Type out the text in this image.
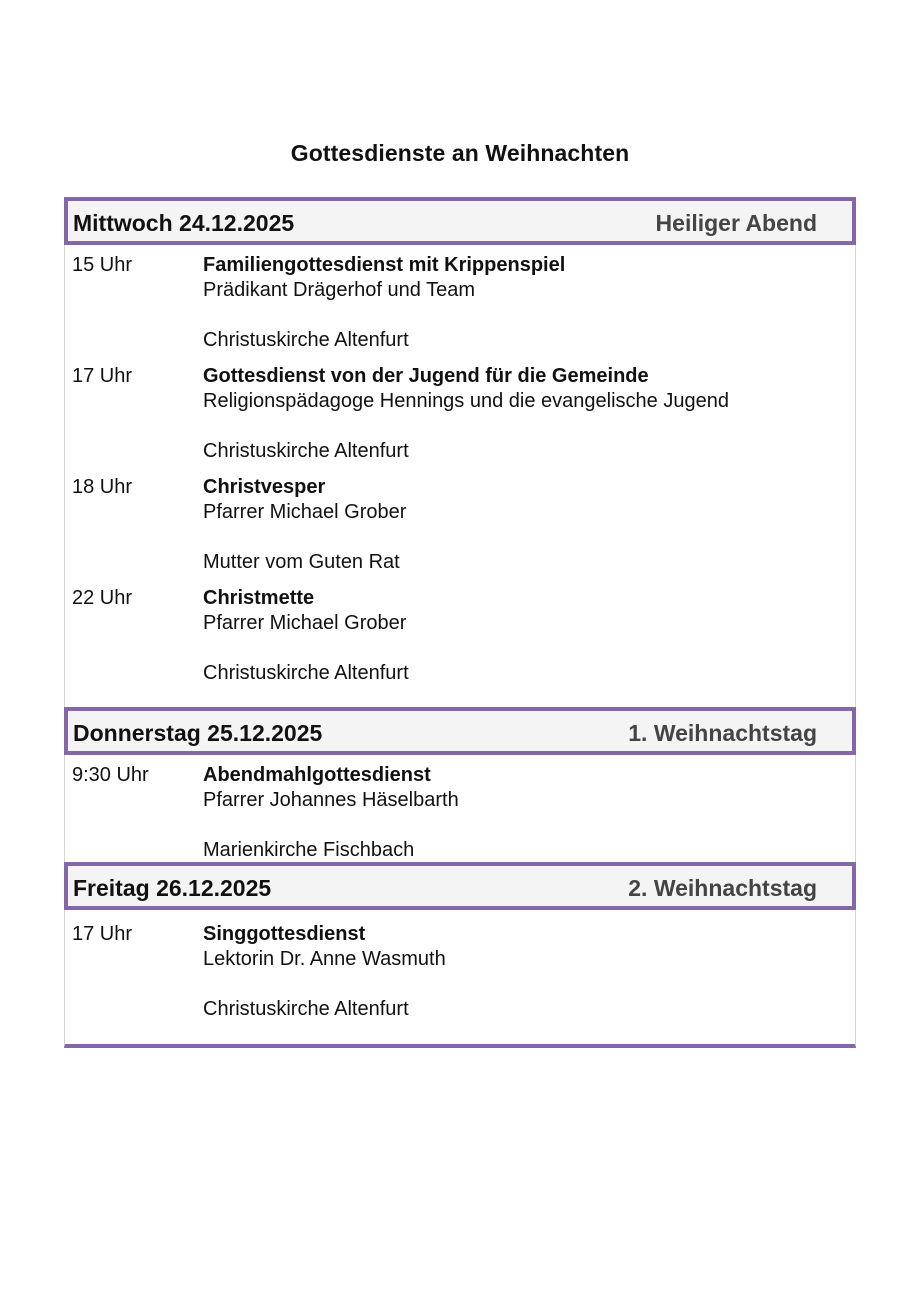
Gottesdienste an Weihnachten
Mittwoch 24.12.2025	Heiliger Abend
15 Uhr	Familiengottesdienst mit Krippenspiel
Prädikant Drägerhof und Team
Christuskirche Altenfurt
17 Uhr	Gottesdienst von der Jugend für die Gemeinde
Religionspädagoge Hennings und die evangelische Jugend
Christuskirche Altenfurt
18 Uhr	Christvesper
Pfarrer Michael Grober
Mutter vom Guten Rat
22 Uhr	Christmette
Pfarrer Michael Grober
Christuskirche Altenfurt
Donnerstag 25.12.2025	1. Weihnachtstag
9:30 Uhr	Abendmahlgottesdienst
Pfarrer Johannes Häselbarth
Marienkirche Fischbach
Freitag 26.12.2025	2. Weihnachtstag
17 Uhr	Singgottesdienst
Lektorin Dr. Anne Wasmuth
Christuskirche Altenfurt
